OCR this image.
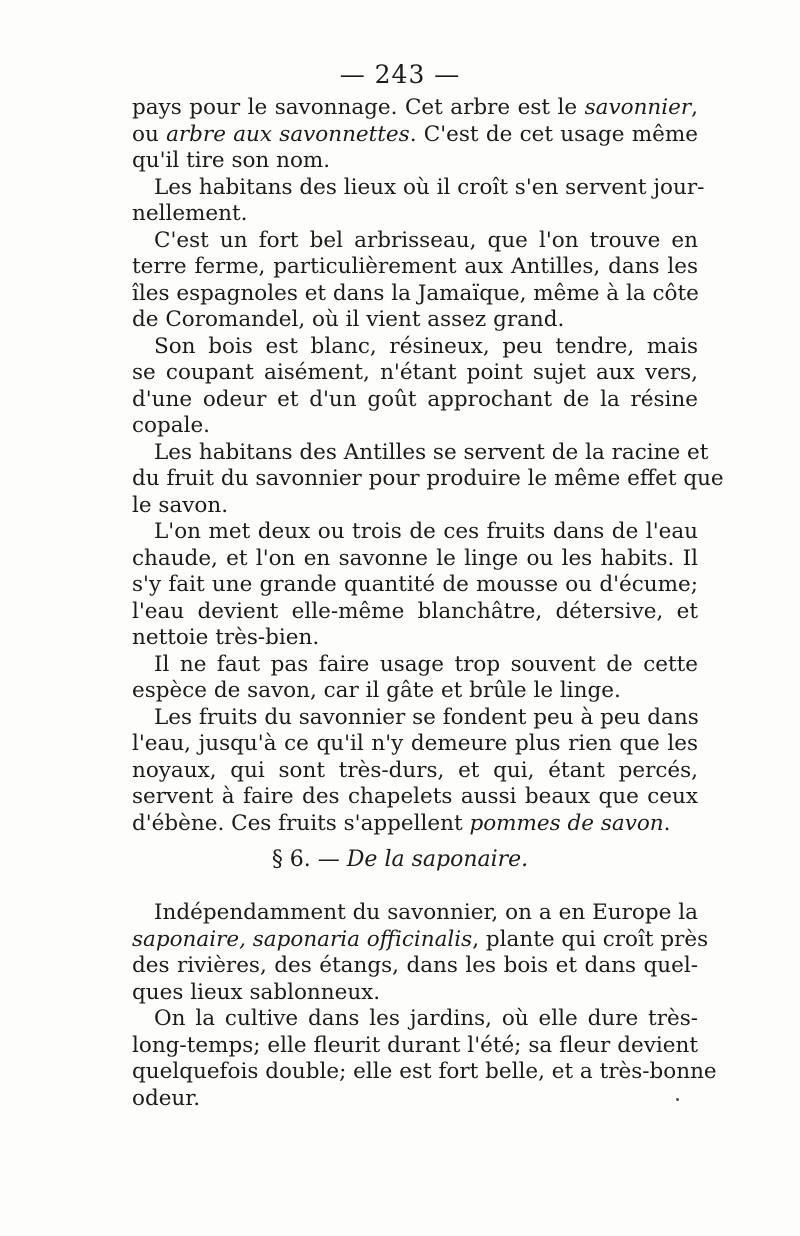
— 243 —
pays pour le savonnage. Cet arbre est le savonnier,
ou arbre aux savonnettes. C'est de cet usage même
qu'il tire son nom.
Les habitans des lieux où il croît s'en servent jour-
nellement.
C'est un fort bel arbrisseau, que l'on trouve en
terre ferme, particulièrement aux Antilles, dans les
îles espagnoles et dans la Jamaïque, même à la côte
de Coromandel, où il vient assez grand.
Son bois est blanc, résineux, peu tendre, mais
se coupant aisément, n'étant point sujet aux vers,
d'une odeur et d'un goût approchant de la résine
copale.
Les habitans des Antilles se servent de la racine et
du fruit du savonnier pour produire le même effet que
le savon.
L'on met deux ou trois de ces fruits dans de l'eau
chaude, et l'on en savonne le linge ou les habits. Il
s'y fait une grande quantité de mousse ou d'écume;
l'eau devient elle-même blanchâtre, détersive, et
nettoie très-bien.
Il ne faut pas faire usage trop souvent de cette
espèce de savon, car il gâte et brûle le linge.
Les fruits du savonnier se fondent peu à peu dans
l'eau, jusqu'à ce qu'il n'y demeure plus rien que les
noyaux, qui sont très-durs, et qui, étant percés,
servent à faire des chapelets aussi beaux que ceux
d'ébène. Ces fruits s'appellent pommes de savon.
§ 6. — De la saponaire.
Indépendamment du savonnier, on a en Europe la
saponaire, saponaria officinalis, plante qui croît près
des rivières, des étangs, dans les bois et dans quel-
ques lieux sablonneux.
On la cultive dans les jardins, où elle dure très-
long-temps; elle fleurit durant l'été; sa fleur devient
quelquefois double; elle est fort belle, et a très-bonne
odeur.
